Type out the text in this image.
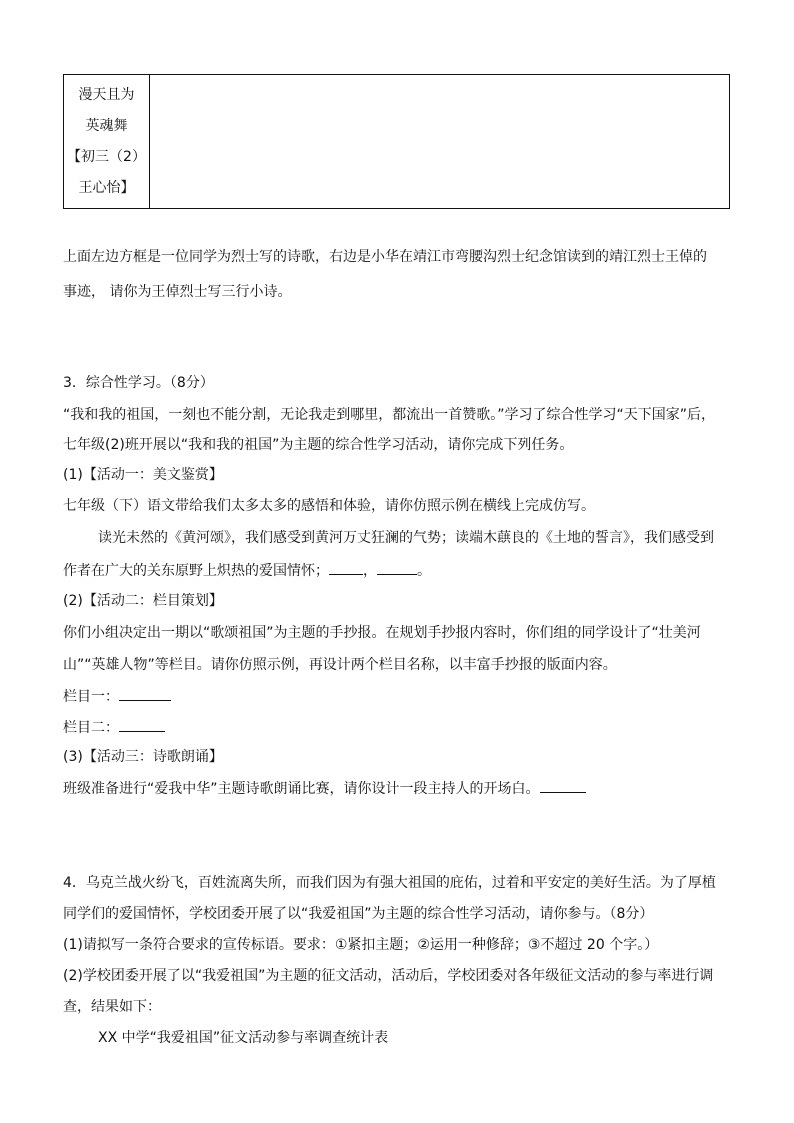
漫天且为
英魂舞
【初三（2）
王心怡】

上面左边方框是一位同学为烈士写的诗歌，右边是小华在靖江市弯腰沟烈士纪念馆读到的靖江烈士王倬的
事迹， 请你为王倬烈士写三行小诗。
3．综合性学习。（8分）
“我和我的祖国，一刻也不能分割，无论我走到哪里，都流出一首赞歌。”学习了综合性学习“天下国家”后，
七年级(2)班开展以“我和我的祖国”为主题的综合性学习活动，请你完成下列任务。
(1)【活动一：美文鉴赏】
七年级（下）语文带给我们太多太多的感悟和体验，请你仿照示例在横线上完成仿写。
读光未然的《黄河颂》，我们感受到黄河万丈狂澜的气势；读端木蕻良的《土地的誓言》，我们感受到
作者在广大的关东原野上炽热的爱国情怀； ，	。
(2)【活动二：栏目策划】
你们小组决定出一期以“歌颂祖国”为主题的手抄报。在规划手抄报内容时，你们组的同学设计了“壮美河
山”“英雄人物”等栏目。请你仿照示例，再设计两个栏目名称，以丰富手抄报的版面内容。
栏目一：
栏目二：
(3)【活动三：诗歌朗诵】
班级准备进行“爱我中华”主题诗歌朗诵比赛，请你设计一段主持人的开场白。
4．乌克兰战火纷飞，百姓流离失所，而我们因为有强大祖国的庇佑，过着和平安定的美好生活。为了厚植
同学们的爱国情怀，学校团委开展了以“我爱祖国”为主题的综合性学习活动，请你参与。（8分）
(1)请拟写一条符合要求的宣传标语。要求：①紧扣主题；②运用一种修辞；③不超过 20 个字。）
(2)学校团委开展了以“我爱祖国”为主题的征文活动，活动后，学校团委对各年级征文活动的参与率进行调
查，结果如下：
XX 中学“我爱祖国”征文活动参与率调查统计表
